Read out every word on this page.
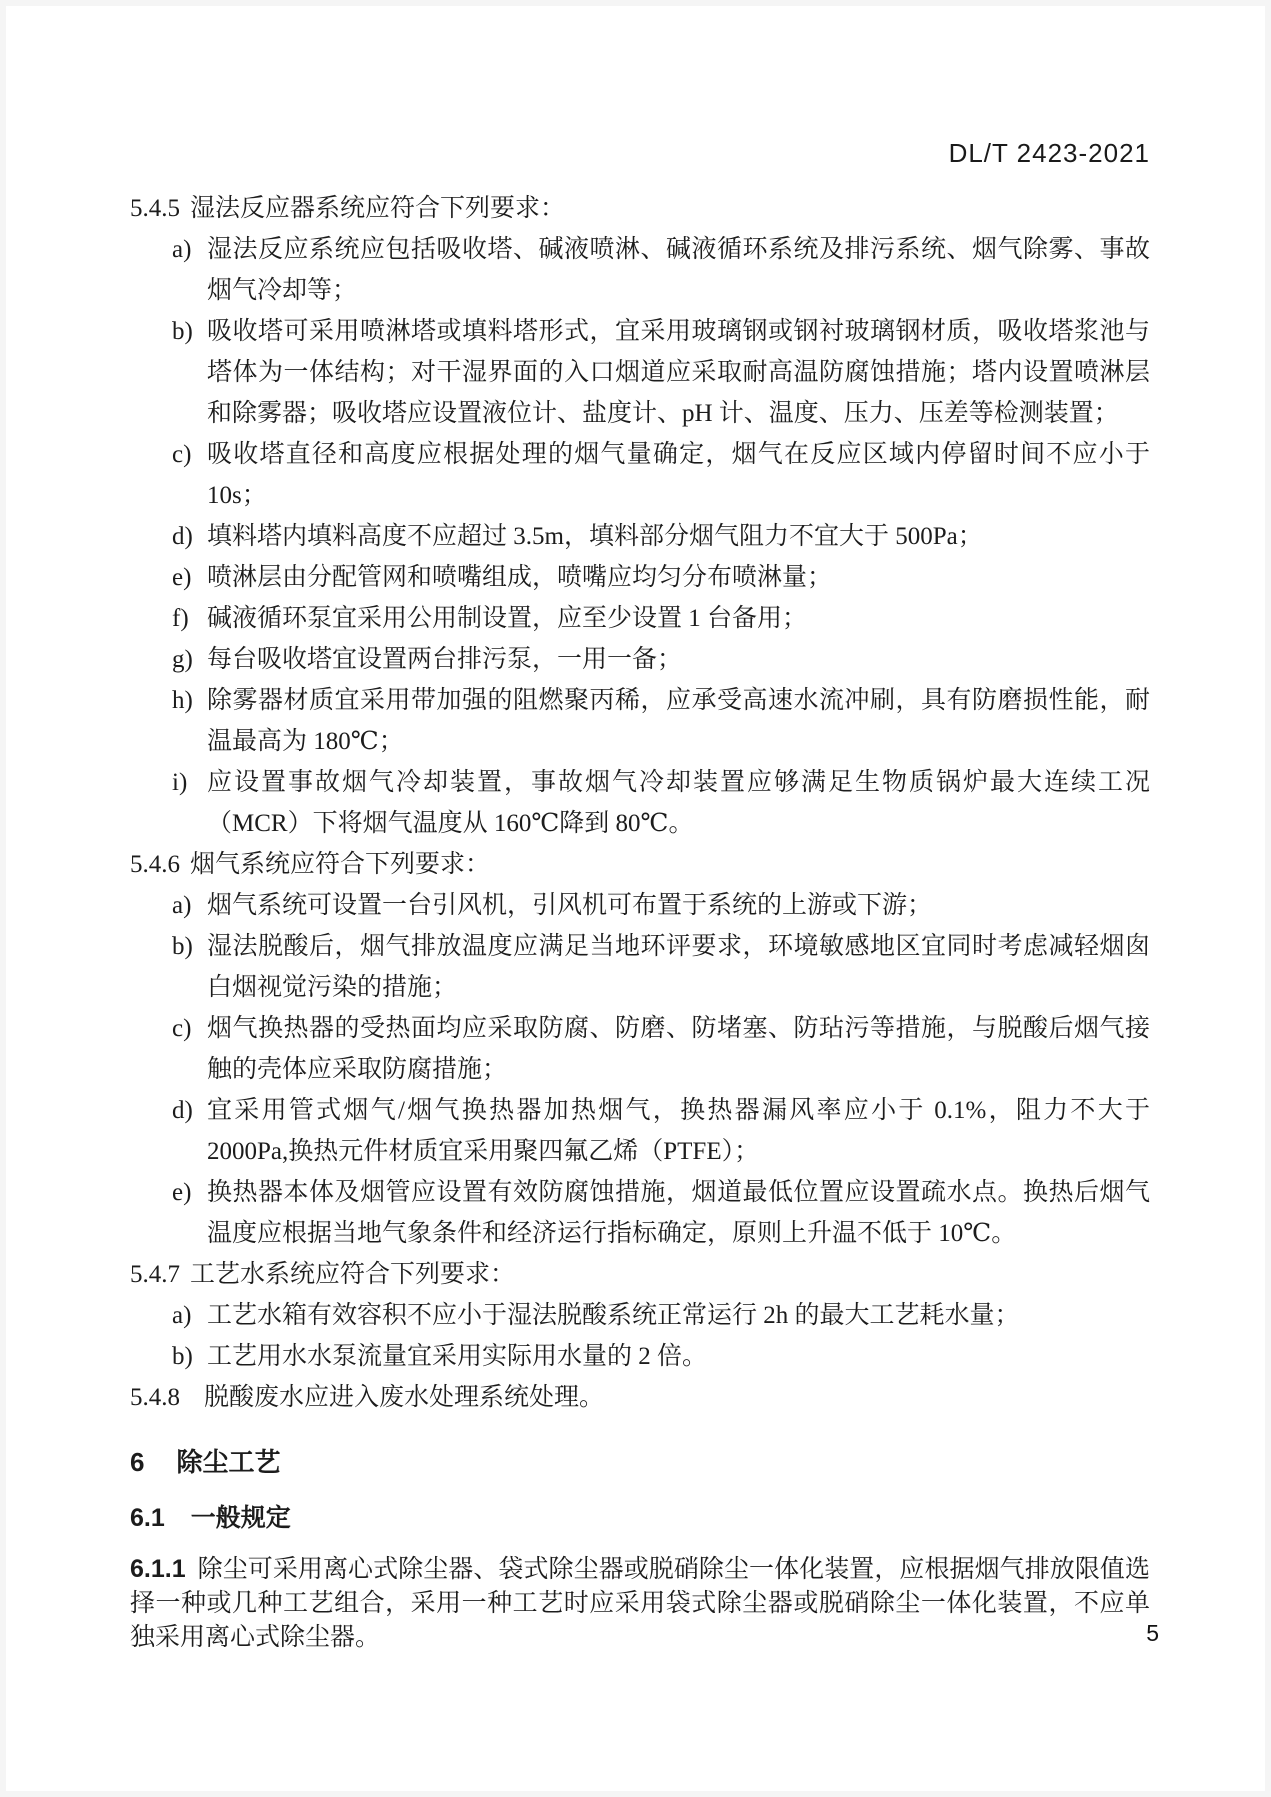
DL/T 2423-2021
5.4.5 湿法反应器系统应符合下列要求：
a) 湿法反应系统应包括吸收塔、碱液喷淋、碱液循环系统及排污系统、烟气除雾、事故烟气冷却等；
b) 吸收塔可采用喷淋塔或填料塔形式，宜采用玻璃钢或钢衬玻璃钢材质，吸收塔浆池与塔体为一体结构；对干湿界面的入口烟道应采取耐高温防腐蚀措施；塔内设置喷淋层和除雾器；吸收塔应设置液位计、盐度计、pH 计、温度、压力、压差等检测装置；
c) 吸收塔直径和高度应根据处理的烟气量确定，烟气在反应区域内停留时间不应小于 10s；
d) 填料塔内填料高度不应超过 3.5m，填料部分烟气阻力不宜大于 500Pa；
e) 喷淋层由分配管网和喷嘴组成，喷嘴应均匀分布喷淋量；
f) 碱液循环泵宜采用公用制设置，应至少设置 1 台备用；
g) 每台吸收塔宜设置两台排污泵，一用一备；
h) 除雾器材质宜采用带加强的阻燃聚丙稀，应承受高速水流冲刷，具有防磨损性能，耐温最高为 180℃；
i) 应设置事故烟气冷却装置，事故烟气冷却装置应够满足生物质锅炉最大连续工况（MCR）下将烟气温度从 160℃降到 80℃。
5.4.6 烟气系统应符合下列要求：
a) 烟气系统可设置一台引风机，引风机可布置于系统的上游或下游；
b) 湿法脱酸后，烟气排放温度应满足当地环评要求，环境敏感地区宜同时考虑减轻烟囱白烟视觉污染的措施；
c) 烟气换热器的受热面均应采取防腐、防磨、防堵塞、防玷污等措施，与脱酸后烟气接触的壳体应采取防腐措施；
d) 宜采用管式烟气/烟气换热器加热烟气，换热器漏风率应小于 0.1%，阻力不大于 2000Pa,换热元件材质宜采用聚四氟乙烯（PTFE）；
e) 换热器本体及烟管应设置有效防腐蚀措施，烟道最低位置应设置疏水点。换热后烟气温度应根据当地气象条件和经济运行指标确定，原则上升温不低于 10℃。
5.4.7 工艺水系统应符合下列要求：
a) 工艺水箱有效容积不应小于湿法脱酸系统正常运行 2h 的最大工艺耗水量；
b) 工艺用水水泵流量宜采用实际用水量的 2 倍。
5.4.8 脱酸废水应进入废水处理系统处理。
6 除尘工艺
6.1 一般规定
6.1.1 除尘可采用离心式除尘器、袋式除尘器或脱硝除尘一体化装置，应根据烟气排放限值选择一种或几种工艺组合，采用一种工艺时应采用袋式除尘器或脱硝除尘一体化装置，不应单独采用离心式除尘器。	5
